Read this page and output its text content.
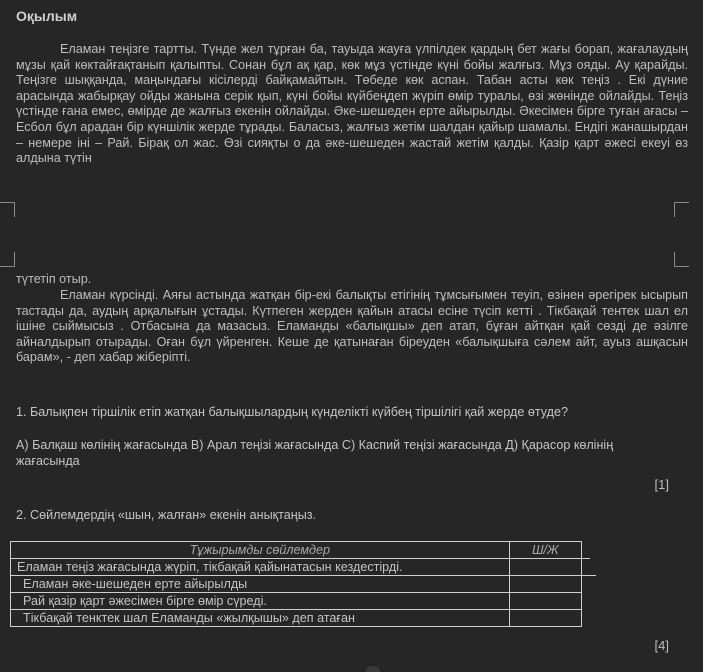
Оқылым

Еламан теңізге тартты. Түнде жел тұрған ба, тауыда жауға үлпілдек қардың бет жағы борап, жағалаудың мұзы қай көктайғақтанып қалыпты. Сонан бұл ақ қар, көк мұз үстінде күні бойы жалғыз. Мұз ояды. Ау қарайды. Теңізге шыққанда, маңындағы кісілерді байқамайтын. Төбеде көк аспан. Табан асты көк теңіз . Екі дүние арасында жабырқау ойды жанына серік қып, күні бойы күйбеңдеп жүріп өмір туралы, өзі жөнінде ойлайды. Теңіз үстінде ғана емес, өмірде де жалғыз екенін ойлайды. Әке-шешеден ерте айырылды. Әкесімен бірге туған ағасы – Есбол бұл арадан бір күншілік жерде тұрады. Баласыз, жалғыз жетім шалдан қайыр шамалы. Ендігі жанашырдан – немере іні – Рай. Бірақ ол жас. Өзі сияқты о да әке-шешеден жастай жетім қалды. Қазір қарт әжесі екеуі өз алдына түтін

түтетіп отыр.

Еламан күрсінді. Аяғы астында жатқан бір-екі балықты етігінің тұмсығымен теуіп, өзінен әрегірек ысырып тастады да, аудың арқалығын ұстады. Күтпеген жерден қайын атасы есіне түсіп кетті . Тікбақай тентек шал ел ішіне сыймысыз . Отбасына да мазасыз. Еламанды «балықшы» деп атап, бұған айтқан қай сөзді де әзілге айналдырып отырады. Оған бұл үйренген. Кеше де қатынаған біреуден «балықшыға сәлем айт, ауыз ашқасын барам», - деп хабар жіберіпті.

1. Балықпен тіршілік етіп жатқан балықшылардың күнделікті күйбең тіршілігі қай жерде өтуде?

А) Балқаш көлінің жағасында В) Арал теңізі жағасында С) Каспий теңізі жағасында Д) Қарасор көлінің жағасында

[1]

2. Сөйлемдердің «шын, жалған» екенін анықтаңыз.

Тұжырымды сөйлемдер	Ш/Ж
Еламан теңіз жағасында жүріп, тікбақай қайынатасын кездестірді.	
Еламан әке-шешеден ерте айырылды	
Рай қазір қарт әжесімен бірге өмір сүреді.	
Тікбақай тенктек шал Еламанды «жылқышы» деп атаған	
[4]
